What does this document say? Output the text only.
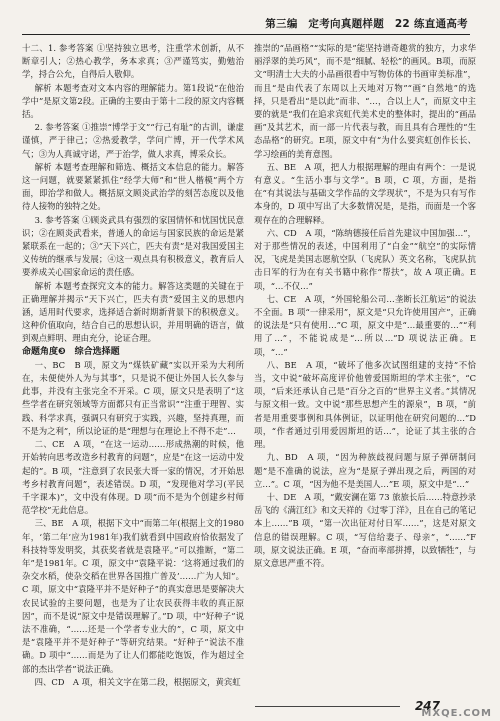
第三编　定考向真题样题　22 练直通高考

十二、1. 参考答案 ①坚持独立思考，注重学术创新，从不断章引人；②热心教学，务本求真；③严谨笃实，勤勉治学，捋合公允，自得后人敬仰。

解析 本题考查对文本内容的理解能力。第1段说“在他治学中”是原文第2段。正确的主要由于第十二段的原文内容概括。

2. 参考答案 ①推崇“博学于文”“行己有耻”的古训，谦虚谨慎，严于律己；②热爱教学，学问广博，开一代学术风气；③为人真诚守诺，严于治学，做人求真，博采众长。

解析 本题考查理解和筛选、概括文本信息的能力。解答这一问题，就要紧紧抓住“经学大师”和“世人楷模”两个方面，即治学和做人。概括原文顾炎武治学的刻苦态度以及他待人接物的独特之处。

3. 参考答案 ①顾炎武具有强烈的家国情怀和忧国忧民意识；②在顾炎武看来，普通人的命运与国家民族的命运是紧紧联系在一起的；③“天下兴亡，匹夫有责”是对我国爱国主义传统的继承与发展；④这一观点具有积极意义，教育后人要养成关心国家命运的责任感。

解析 本题考查探究文本的能力。解答这类题的关键在于正确理解并揭示“天下兴亡，匹夫有责”爱国主义的思想内涵，适用时代要求，选择适合新时期新背景下的积极意义。这种价值取向，结合自己的思想认识，并用明确的语言，做到观点鲜明、理由充分，论证合理。

命题角度❸　综合选择题

一、BC　B 项，原文为“煤铁矿藏”实以开采为大利所在，未便使外人为与其事”，只是说不便让外国人长久参与此事，并没有主张完全不开采。C 项，原文只是表明了“这些学者在研究领域等方面都只有正当常识”“注重于理智、实践、科学求真，强调只有研究于实践，兴趣，坚持真理，而不是为之利”，所以论证的是“理想与在理论上不得不走”…

二、CE　A 项，“在这一运动……形成热潮的时候，他开始转向思考改造乡村教育的问题”，应是“在这一运动中发起的”。B 项，“注意到了农民张大哥一家的情况，才开始思考乡村教育问题”，表述错误。D 项，“发现他对学习(平民千字课本)”，文中没有体现。D 项“而不是为个创建乡村师范学校”无此信息。

三、BE　A 项，根据下文中“而第二年(根据上文的1980年，‘第二年’应为1981年)我们就看到中国政府恰依据发了科技特等发明奖，其获奖者就是袁隆平。”可以推断，“第二年”是1981年。C 项，原文中“袁隆平说：‘这将通过我们的杂交水稻，使杂交稻在世界各国推广普及’……广为人知”。C 项，原文中“袁隆平并不是好种子”的真实意思是要解决大农民试验的主要问题，也是为了让农民获得丰收的真正原因”，而不是说“原文中是错误理解了。”D 项，中“好种子”说法不准确，“……还是一个学者专业大的”，C 项，原文中是“袁隆平并不是好种子”等研究结果。“好种子”说法不准确。D 项中“……而是为了让人们都能吃饱饭，作为超过全部的杰出学者”说法正确。

四、CD　A 项，相关文字在第二段，根据原文，黄宾虹

推崇的“品画格”“实际的是”能坚持谱奇趣赏的独方，力求华丽浮翠的美巧风“，而不是“细腻、轻松”的画风。B项，而原文“明清士大夫的小品画很看中写物仿体的书画审美标准”，而且“是由代表了东周以上天地对万物”“画“自然地”的选择，只是看出“是以此”而非、“…，合以上人”，而原文中主要的就是“我们在追求宾虹代美术史的整体时，提出的“画品画”及其艺术，而一部一片代表与教，而且具有合理性的“生态品格”的研究。E项，原文中有“为什么要宾虹创作长长、学习绘画的美育意图。

五、BE　A 项，把人力根据理解的理由有两个：一是说有意义。“生活小事与文学”。B 项，C 项，方面，是指在“有其说法与基础文学作品的文学现状”，不是为只有写作本身的，D 项中写出了大多数情况是，是指，而面是一个客观存在的合理解释。

六、CD　A 项，“陈纳德接任后首先建议中国加强…”，对于那些情况的表述，中国利用了“白金”“航空”的实际情况，飞虎是美国志愿航空队（飞虎队）英文名称，飞虎队抗击日军的行为在有关书籍中称作“帮扶”，故 A 项正确。E 项，“…不仅…”

七、CE　A 项，“外国轮船公司…垄断长江航运”的说法不全面。B 项“一律采用”，原文是“只允许使用国产”，正确的说法是“只有使用…”C 项，原文中是“…最重要的…”“利用了…”，不能说成是“…所以…”D 项说法正确。E 项，“…”

八、BE　A 项，“破坏了他多次试图组建的支持”不恰当，文中说“破坏高度评价他曾爱国斯坦的学术主张”，“C 项，“后来还承认自己是”百分之百的“世界主义者。”其情况与原文相一致。文中说“那些思想产生的源泉”，B 项，“前者是用重要事例和具体例证，以证明他在研究问题的…”D 项，“作者通过引用爱因斯坦的话…”，论证了其主张的合理。

九、BD　A 项，“因为种族歧视问题与原子弹研制问题”是不准确的说法，应为“是原子弹出现之后，两国的对立…”。C 项，“因为他不是美国人…”E 项，原文中是“…”

十、DE　A 项，“戴安澜在第 73 旅旅长后……特意抄录岳飞的《满江红》和文天祥的《过零丁洋》，且在自己的笔记本上……”B 项，“第一次出征对付日军……”，这是对原文信息的错误理解。C 项，“写信给妻子、母亲”，“……”F 项，原文说法正确。E 项，“奋而率部拼搏，以致牺牲”，与原文意思严重不符。

247
MXQE.COM
